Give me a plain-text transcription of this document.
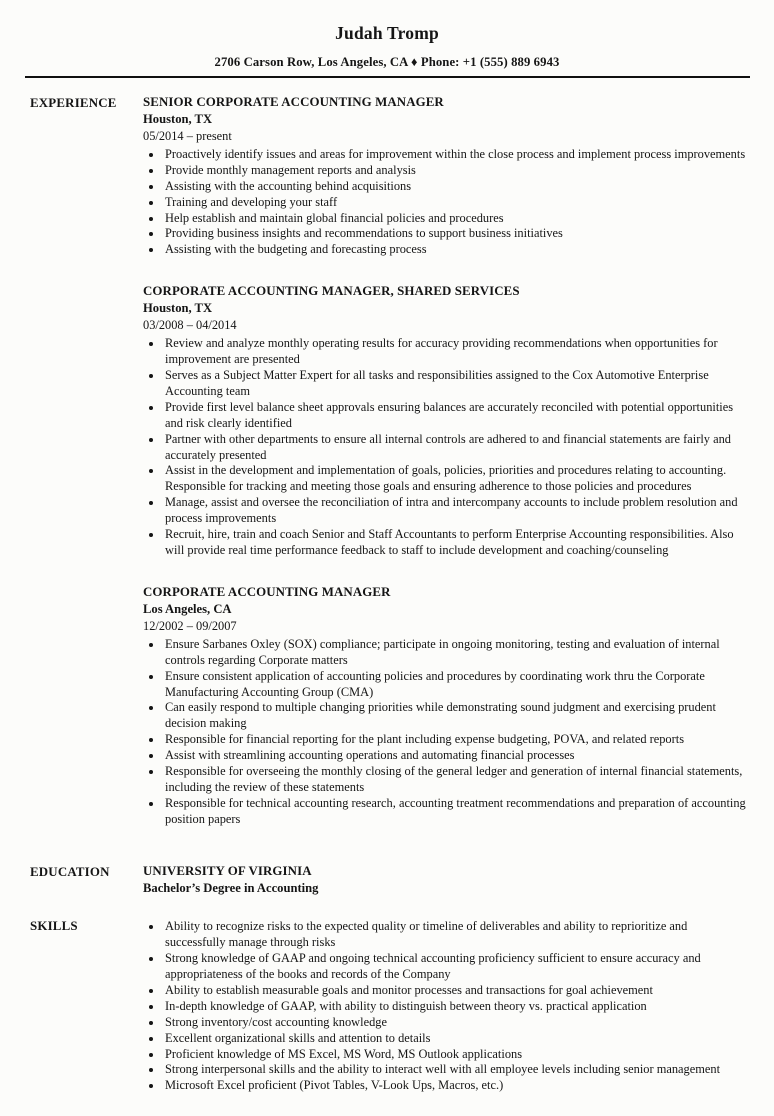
Judah Tromp
2706 Carson Row, Los Angeles, CA ♦ Phone: +1 (555) 889 6943
EXPERIENCE	SENIOR CORPORATE ACCOUNTING MANAGER
Houston, TX
05/2014 – present
• Proactively identify issues and areas for improvement within the close process and implement process improvements
• Provide monthly management reports and analysis
• Assisting with the accounting behind acquisitions
• Training and developing your staff
• Help establish and maintain global financial policies and procedures
• Providing business insights and recommendations to support business initiatives
• Assisting with the budgeting and forecasting process
CORPORATE ACCOUNTING MANAGER, SHARED SERVICES
Houston, TX
03/2008 – 04/2014
• Review and analyze monthly operating results for accuracy providing recommendations when opportunities for improvement are presented
• Serves as a Subject Matter Expert for all tasks and responsibilities assigned to the Cox Automotive Enterprise Accounting team
• Provide first level balance sheet approvals ensuring balances are accurately reconciled with potential opportunities and risk clearly identified
• Partner with other departments to ensure all internal controls are adhered to and financial statements are fairly and accurately presented
• Assist in the development and implementation of goals, policies, priorities and procedures relating to accounting. Responsible for tracking and meeting those goals and ensuring adherence to those policies and procedures
• Manage, assist and oversee the reconciliation of intra and intercompany accounts to include problem resolution and process improvements
• Recruit, hire, train and coach Senior and Staff Accountants to perform Enterprise Accounting responsibilities. Also will provide real time performance feedback to staff to include development and coaching/counseling
CORPORATE ACCOUNTING MANAGER
Los Angeles, CA
12/2002 – 09/2007
• Ensure Sarbanes Oxley (SOX) compliance; participate in ongoing monitoring, testing and evaluation of internal controls regarding Corporate matters
• Ensure consistent application of accounting policies and procedures by coordinating work thru the Corporate Manufacturing Accounting Group (CMA)
• Can easily respond to multiple changing priorities while demonstrating sound judgment and exercising prudent decision making
• Responsible for financial reporting for the plant including expense budgeting, POVA, and related reports
• Assist with streamlining accounting operations and automating financial processes
• Responsible for overseeing the monthly closing of the general ledger and generation of internal financial statements, including the review of these statements
• Responsible for technical accounting research, accounting treatment recommendations and preparation of accounting position papers
EDUCATION	UNIVERSITY OF VIRGINIA
Bachelor’s Degree in Accounting
SKILLS	• Ability to recognize risks to the expected quality or timeline of deliverables and ability to reprioritize and successfully manage through risks
• Strong knowledge of GAAP and ongoing technical accounting proficiency sufficient to ensure accuracy and appropriateness of the books and records of the Company
• Ability to establish measurable goals and monitor processes and transactions for goal achievement
• In-depth knowledge of GAAP, with ability to distinguish between theory vs. practical application
• Strong inventory/cost accounting knowledge
• Excellent organizational skills and attention to details
• Proficient knowledge of MS Excel, MS Word, MS Outlook applications
• Strong interpersonal skills and the ability to interact well with all employee levels including senior management
• Microsoft Excel proficient (Pivot Tables, V-Look Ups, Macros, etc.)
